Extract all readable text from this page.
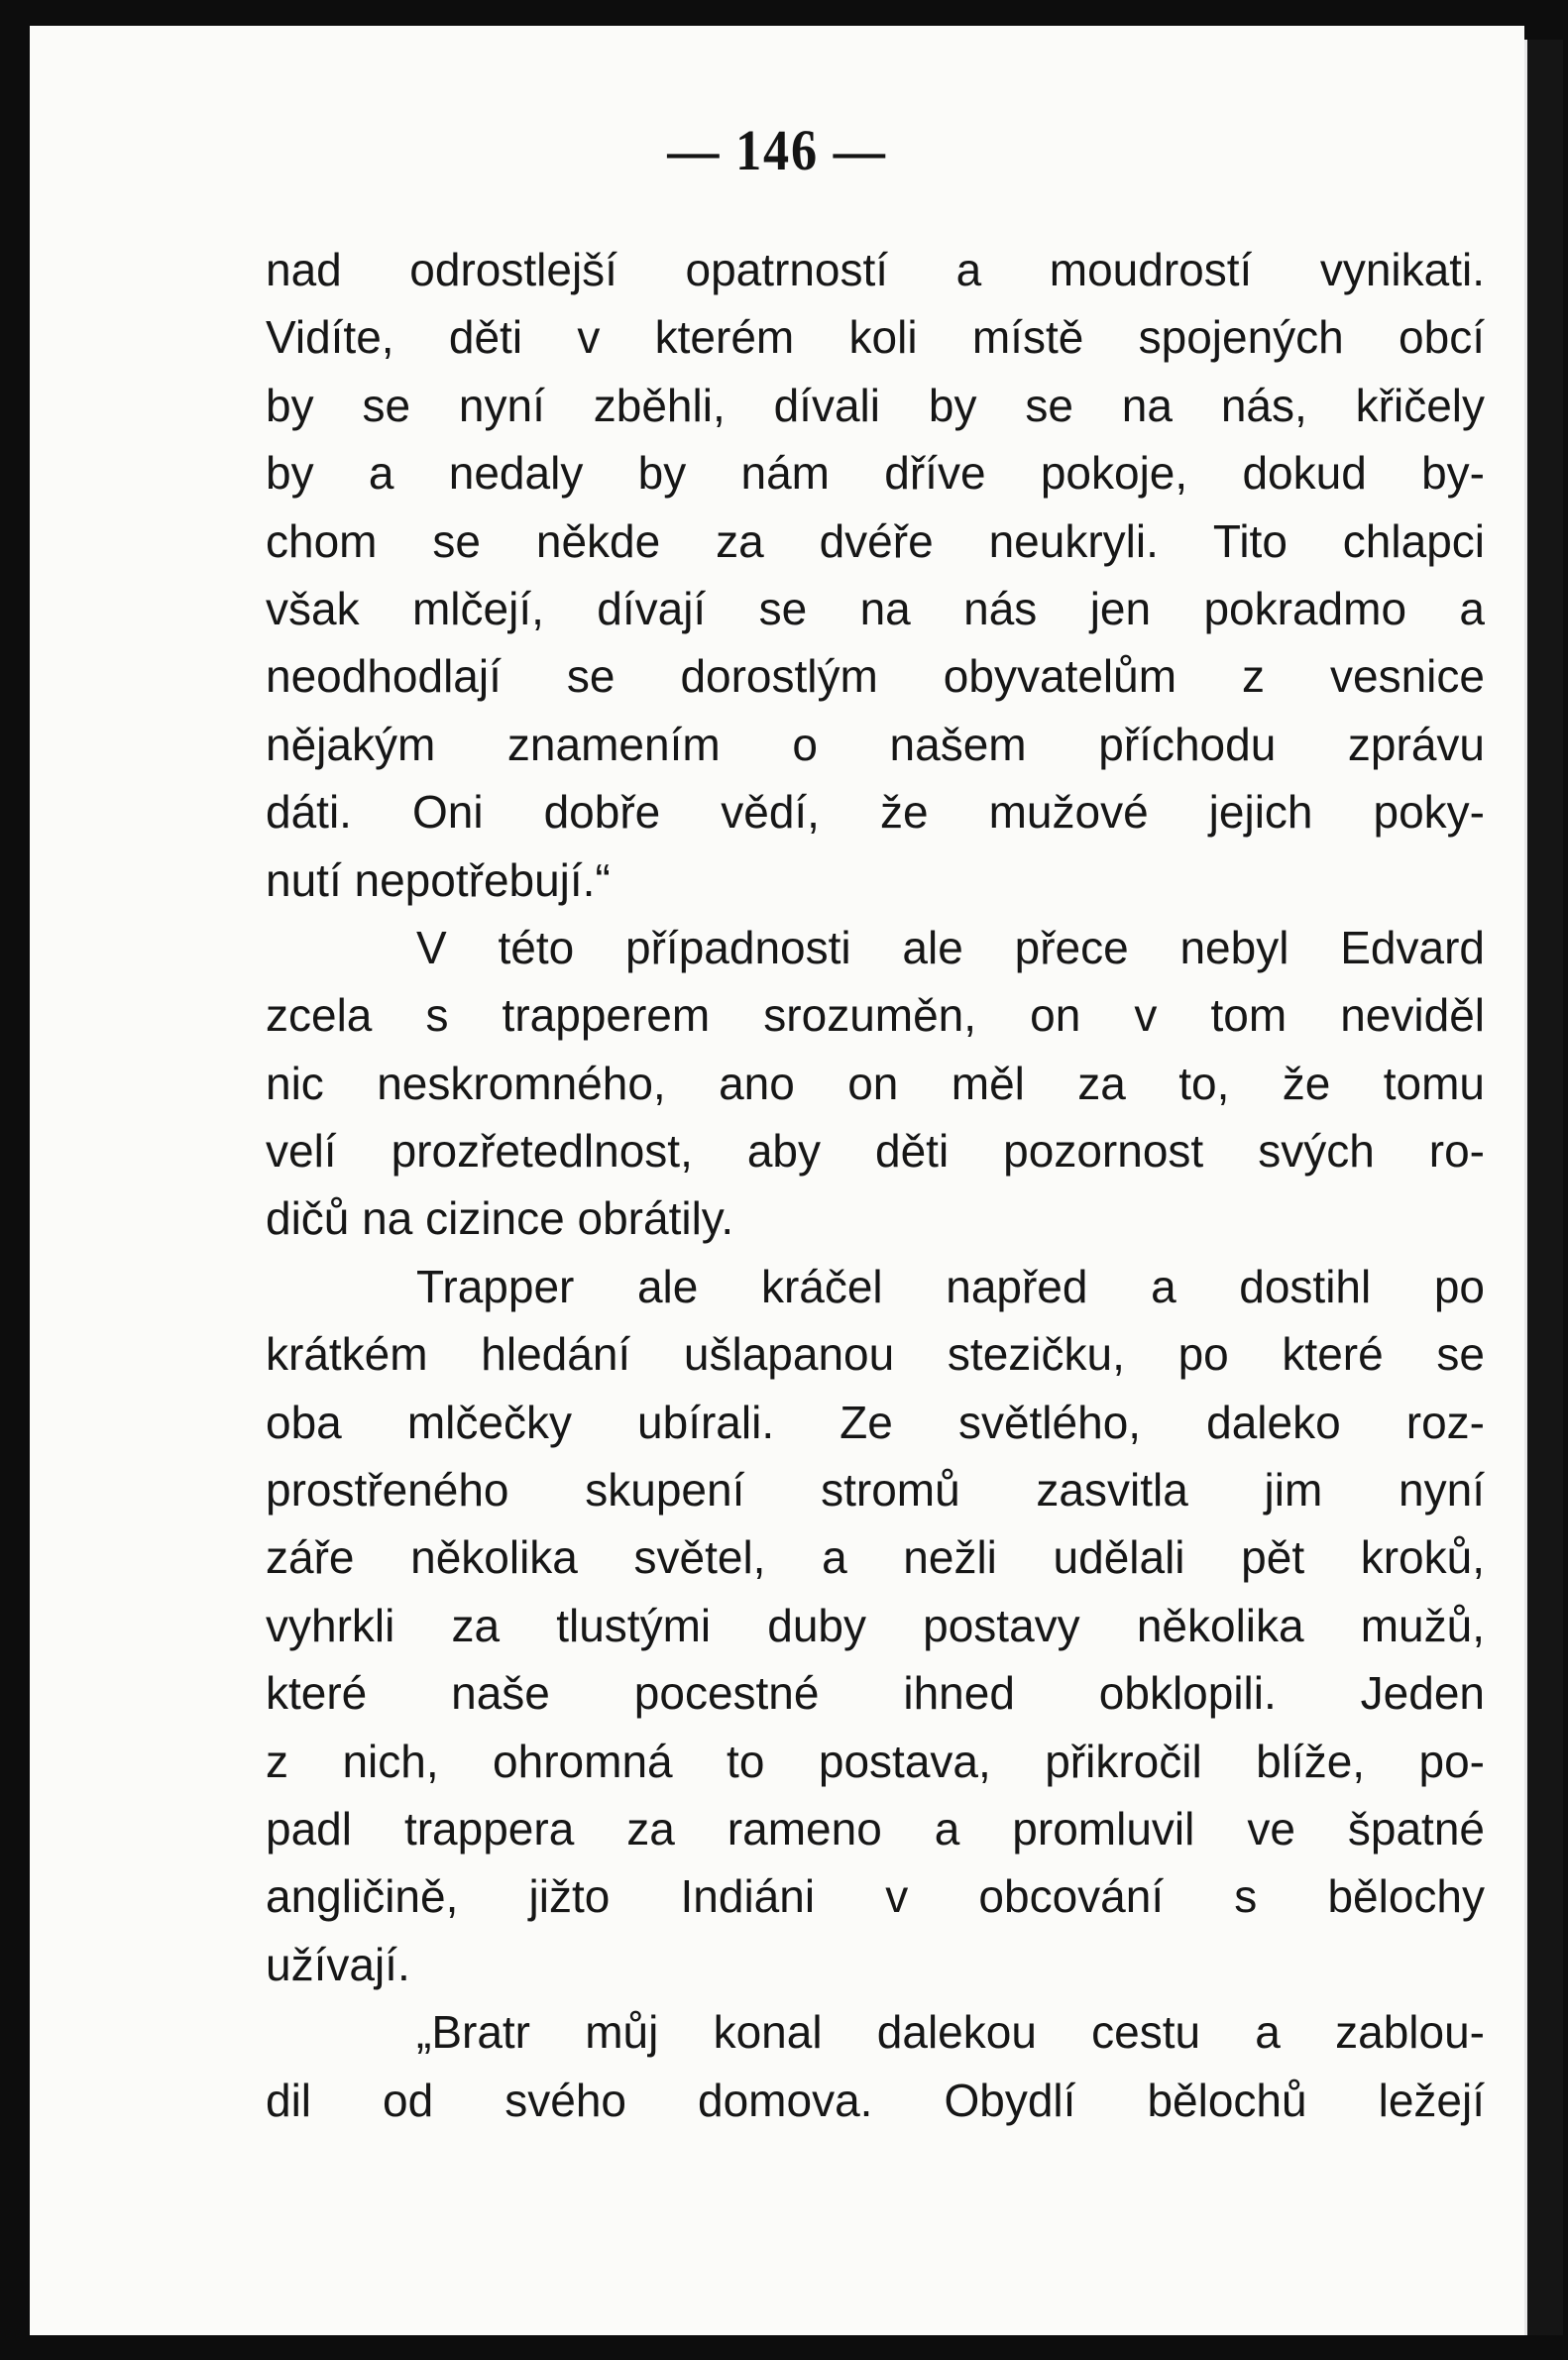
— 146 —
nad odrostlejší opatrností a moudrostí vynikati.
Vidíte, děti v kterém koli místě spojených obcí
by se nyní zběhli, dívali by se na nás, křičely
by a nedaly by nám dříve pokoje, dokud by-
chom se někde za dvéře neukryli. Tito chlapci
však mlčejí, dívají se na nás jen pokradmo a
neodhodlají se dorostlým obyvatelům z vesnice
nějakým znamením o našem příchodu zprávu
dáti. Oni dobře vědí, že mužové jejich poky-
nutí nepotřebují.“
V této případnosti ale přece nebyl Edvard
zcela s trapperem srozuměn, on v tom neviděl
nic neskromného, ano on měl za to, že tomu
velí prozřetedlnost, aby děti pozornost svých ro-
dičů na cizince obrátily.
Trapper ale kráčel napřed a dostihl po
krátkém hledání ušlapanou stezičku, po které se
oba mlčečky ubírali. Ze světlého, daleko roz-
prostřeného skupení stromů zasvitla jim nyní
záře několika světel, a nežli udělali pět kroků,
vyhrkli za tlustými duby postavy několika mužů,
které naše pocestné ihned obklopili. Jeden
z nich, ohromná to postava, přikročil blíže, po-
padl trappera za rameno a promluvil ve špatné
angličině, jižto Indiáni v obcování s bělochy
užívají.
„Bratr můj konal dalekou cestu a zablou-
dil od svého domova. Obydlí bělochů ležejí
